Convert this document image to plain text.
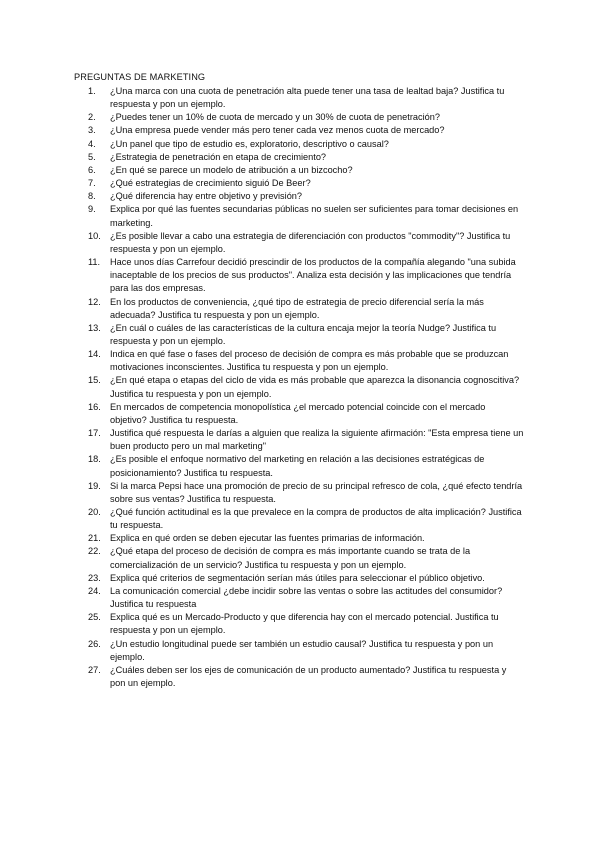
PREGUNTAS DE MARKETING
1.	¿Una marca con una cuota de penetración alta puede tener una tasa de lealtad baja? Justifica tu respuesta y pon un ejemplo.
2.	¿Puedes tener un 10% de cuota de mercado y un 30% de cuota de penetración?
3.	¿Una empresa puede vender más pero tener cada vez menos cuota de mercado?
4.	¿Un panel que tipo de estudio es, exploratorio, descriptivo o causal?
5.	¿Estrategia de penetración en etapa de crecimiento?
6.	¿En qué se parece un modelo de atribución a un bizcocho?
7.	¿Qué estrategias de crecimiento siguió De Beer?
8.	¿Qué diferencia hay entre objetivo y previsión?
9.	Explica por qué las fuentes secundarias públicas no suelen ser suficientes para tomar decisiones en marketing.
10.	¿Es posible llevar a cabo una estrategia de diferenciación con productos "commodity"? Justifica tu respuesta y pon un ejemplo.
11.	Hace unos días Carrefour decidió prescindir de los productos de la compañía alegando "una subida inaceptable de los precios de sus productos". Analiza esta decisión y las implicaciones que tendría para las dos empresas.
12.	En los productos de conveniencia, ¿qué tipo de estrategia de precio diferencial sería la más adecuada? Justifica tu respuesta y pon un ejemplo.
13.	¿En cuál o cuáles de las características de la cultura encaja mejor la teoría Nudge? Justifica tu respuesta y pon un ejemplo.
14.	Indica en qué fase o fases del proceso de decisión de compra es más probable que se produzcan motivaciones inconscientes. Justifica tu respuesta y pon un ejemplo.
15.	¿En qué etapa o etapas del ciclo de vida es más probable que aparezca la disonancia cognoscitiva? Justifica tu respuesta y pon un ejemplo.
16.	En mercados de competencia monopolística ¿el mercado potencial coincide con el mercado objetivo? Justifica tu respuesta.
17.	Justifica qué respuesta le darías a alguien que realiza la siguiente afirmación: "Esta empresa tiene un buen producto pero un mal marketing"
18.	¿Es posible el enfoque normativo del marketing en relación a las decisiones estratégicas de posicionamiento? Justifica tu respuesta.
19.	Si la marca Pepsi hace una promoción de precio de su principal refresco de cola, ¿qué efecto tendría sobre sus ventas? Justifica tu respuesta.
20.	¿Qué función actitudinal es la que prevalece en la compra de productos de alta implicación? Justifica tu respuesta.
21.	Explica en qué orden se deben ejecutar las fuentes primarias de información.
22.	¿Qué etapa del proceso de decisión de compra es más importante cuando se trata de la comercialización de un servicio? Justifica tu respuesta y pon un ejemplo.
23.	Explica qué criterios de segmentación serían más útiles para seleccionar el público objetivo.
24.	La comunicación comercial ¿debe incidir sobre las ventas o sobre las actitudes del consumidor? Justifica tu respuesta
25.	Explica qué es un Mercado-Producto y que diferencia hay con el mercado potencial. Justifica tu respuesta y pon un ejemplo.
26.	¿Un estudio longitudinal puede ser también un estudio causal? Justifica tu respuesta y pon un ejemplo.
27.	¿Cuáles deben ser los ejes de comunicación de un producto aumentado? Justifica tu respuesta y pon un ejemplo.
